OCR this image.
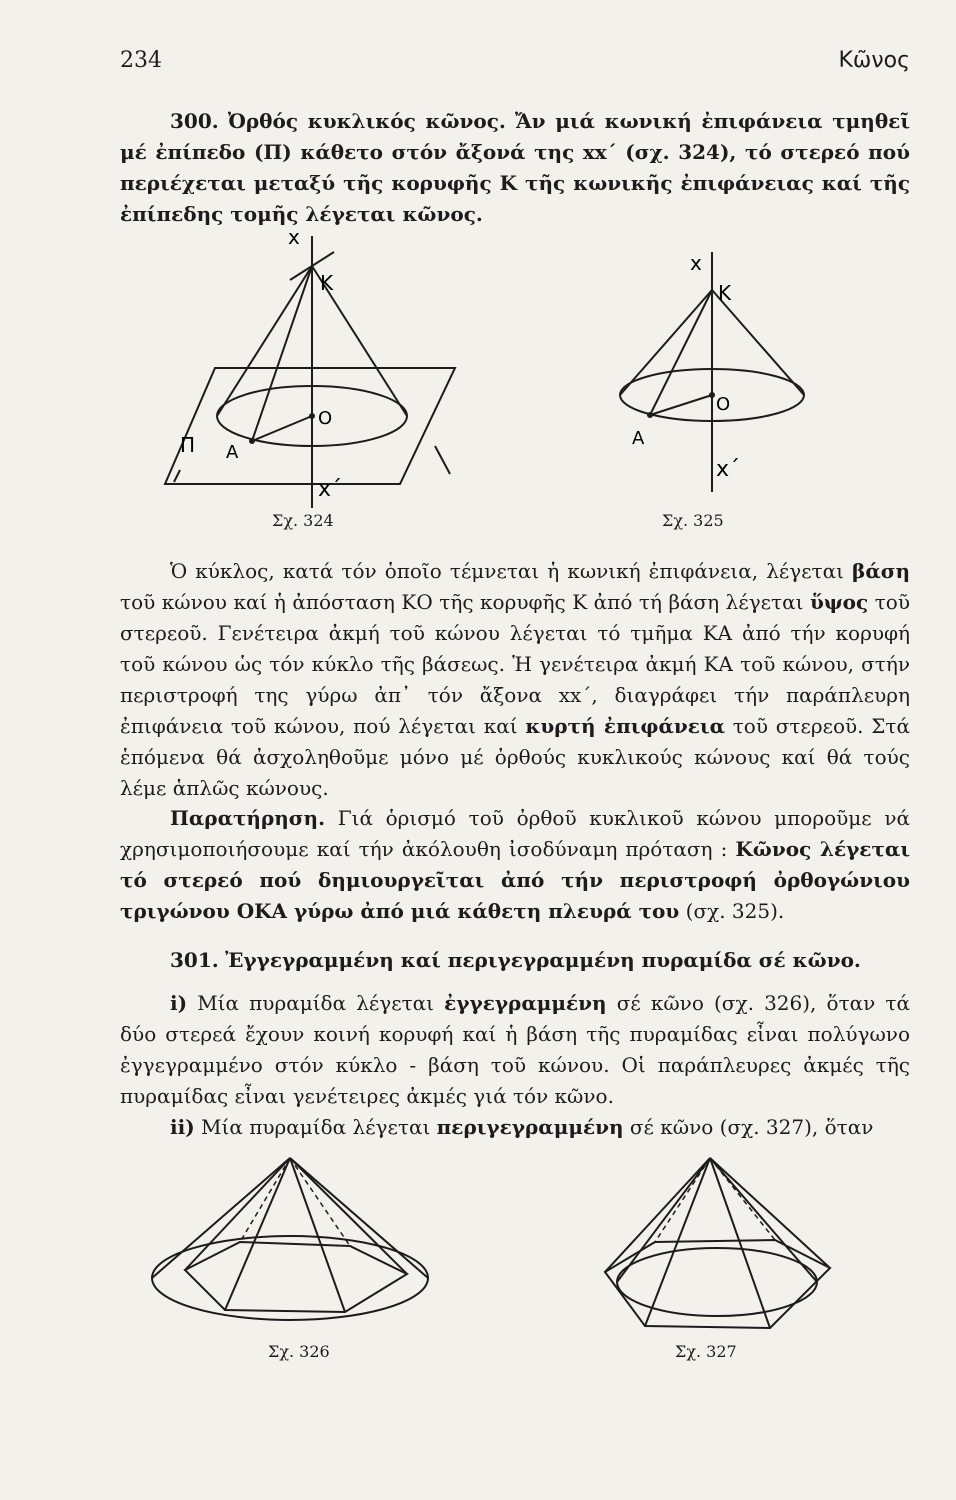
234	Κῶνος

300. Ὀρθός κυκλικός κῶνος. Ἄν μιά κωνική ἐπιφάνεια τμηθεῖ μέ ἐπίπεδο (Π) κάθετο στόν ἄξονά της xx΄ (σχ. 324), τό στερεό πού περιέχεται μεταξύ τῆς κορυφῆς Κ τῆς κωνικῆς ἐπιφάνειας καί τῆς ἐπίπεδης τομῆς λέγεται κῶνος.

x
K
O
Π A
x΄
Σχ. 324
x
K
O
A
x΄
Σχ. 325

Ὁ κύκλος, κατά τόν ὁποῖο τέμνεται ἡ κωνική ἐπιφάνεια, λέγεται βάση τοῦ κώνου καί ἡ ἀπόσταση ΚΟ τῆς κορυφῆς Κ ἀπό τή βάση λέγεται ὕψος τοῦ στερεοῦ. Γενέτειρα ἀκμή τοῦ κώνου λέγεται τό τμῆμα ΚΑ ἀπό τήν κορυφή τοῦ κώνου ὡς τόν κύκλο τῆς βάσεως. Ἡ γενέτειρα ἀκμή ΚΑ τοῦ κώνου, στήν περιστροφή της γύρω ἀπ᾿ τόν ἄξονα xx΄, διαγράφει τήν παράπλευρη ἐπιφάνεια τοῦ κώνου, πού λέγεται καί κυρτή ἐπιφάνεια τοῦ στερεοῦ. Στά ἑπόμενα θά ἀσχοληθοῦμε μόνο μέ ὀρθούς κυκλικούς κώνους καί θά τούς λέμε ἁπλῶς κώνους.

Παρατήρηση. Γιά ὁρισμό τοῦ ὀρθοῦ κυκλικοῦ κώνου μποροῦμε νά χρησιμοποιήσουμε καί τήν ἀκόλουθη ἰσοδύναμη πρόταση : Κῶνος λέγεται τό στερεό πού δημιουργεῖται ἀπό τήν περιστροφή ὀρθογώνιου τριγώνου ΟΚΑ γύρω ἀπό μιά κάθετη πλευρά του (σχ. 325).

301. Ἐγγεγραμμένη καί περιγεγραμμένη πυραμίδα σέ κῶνο.

i) Μία πυραμίδα λέγεται ἐγγεγραμμένη σέ κῶνο (σχ. 326), ὅταν τά δύο στερεά ἔχουν κοινή κορυφή καί ἡ βάση τῆς πυραμίδας εἶναι πολύγωνο ἐγγεγραμμένο στόν κύκλο - βάση τοῦ κώνου. Οἱ παράπλευρες ἀκμές τῆς πυραμίδας εἶναι γενέτειρες ἀκμές γιά τόν κῶνο.

ii) Μία πυραμίδα λέγεται περιγεγραμμένη σέ κῶνο (σχ. 327), ὅταν

Σχ. 326	Σχ. 327
